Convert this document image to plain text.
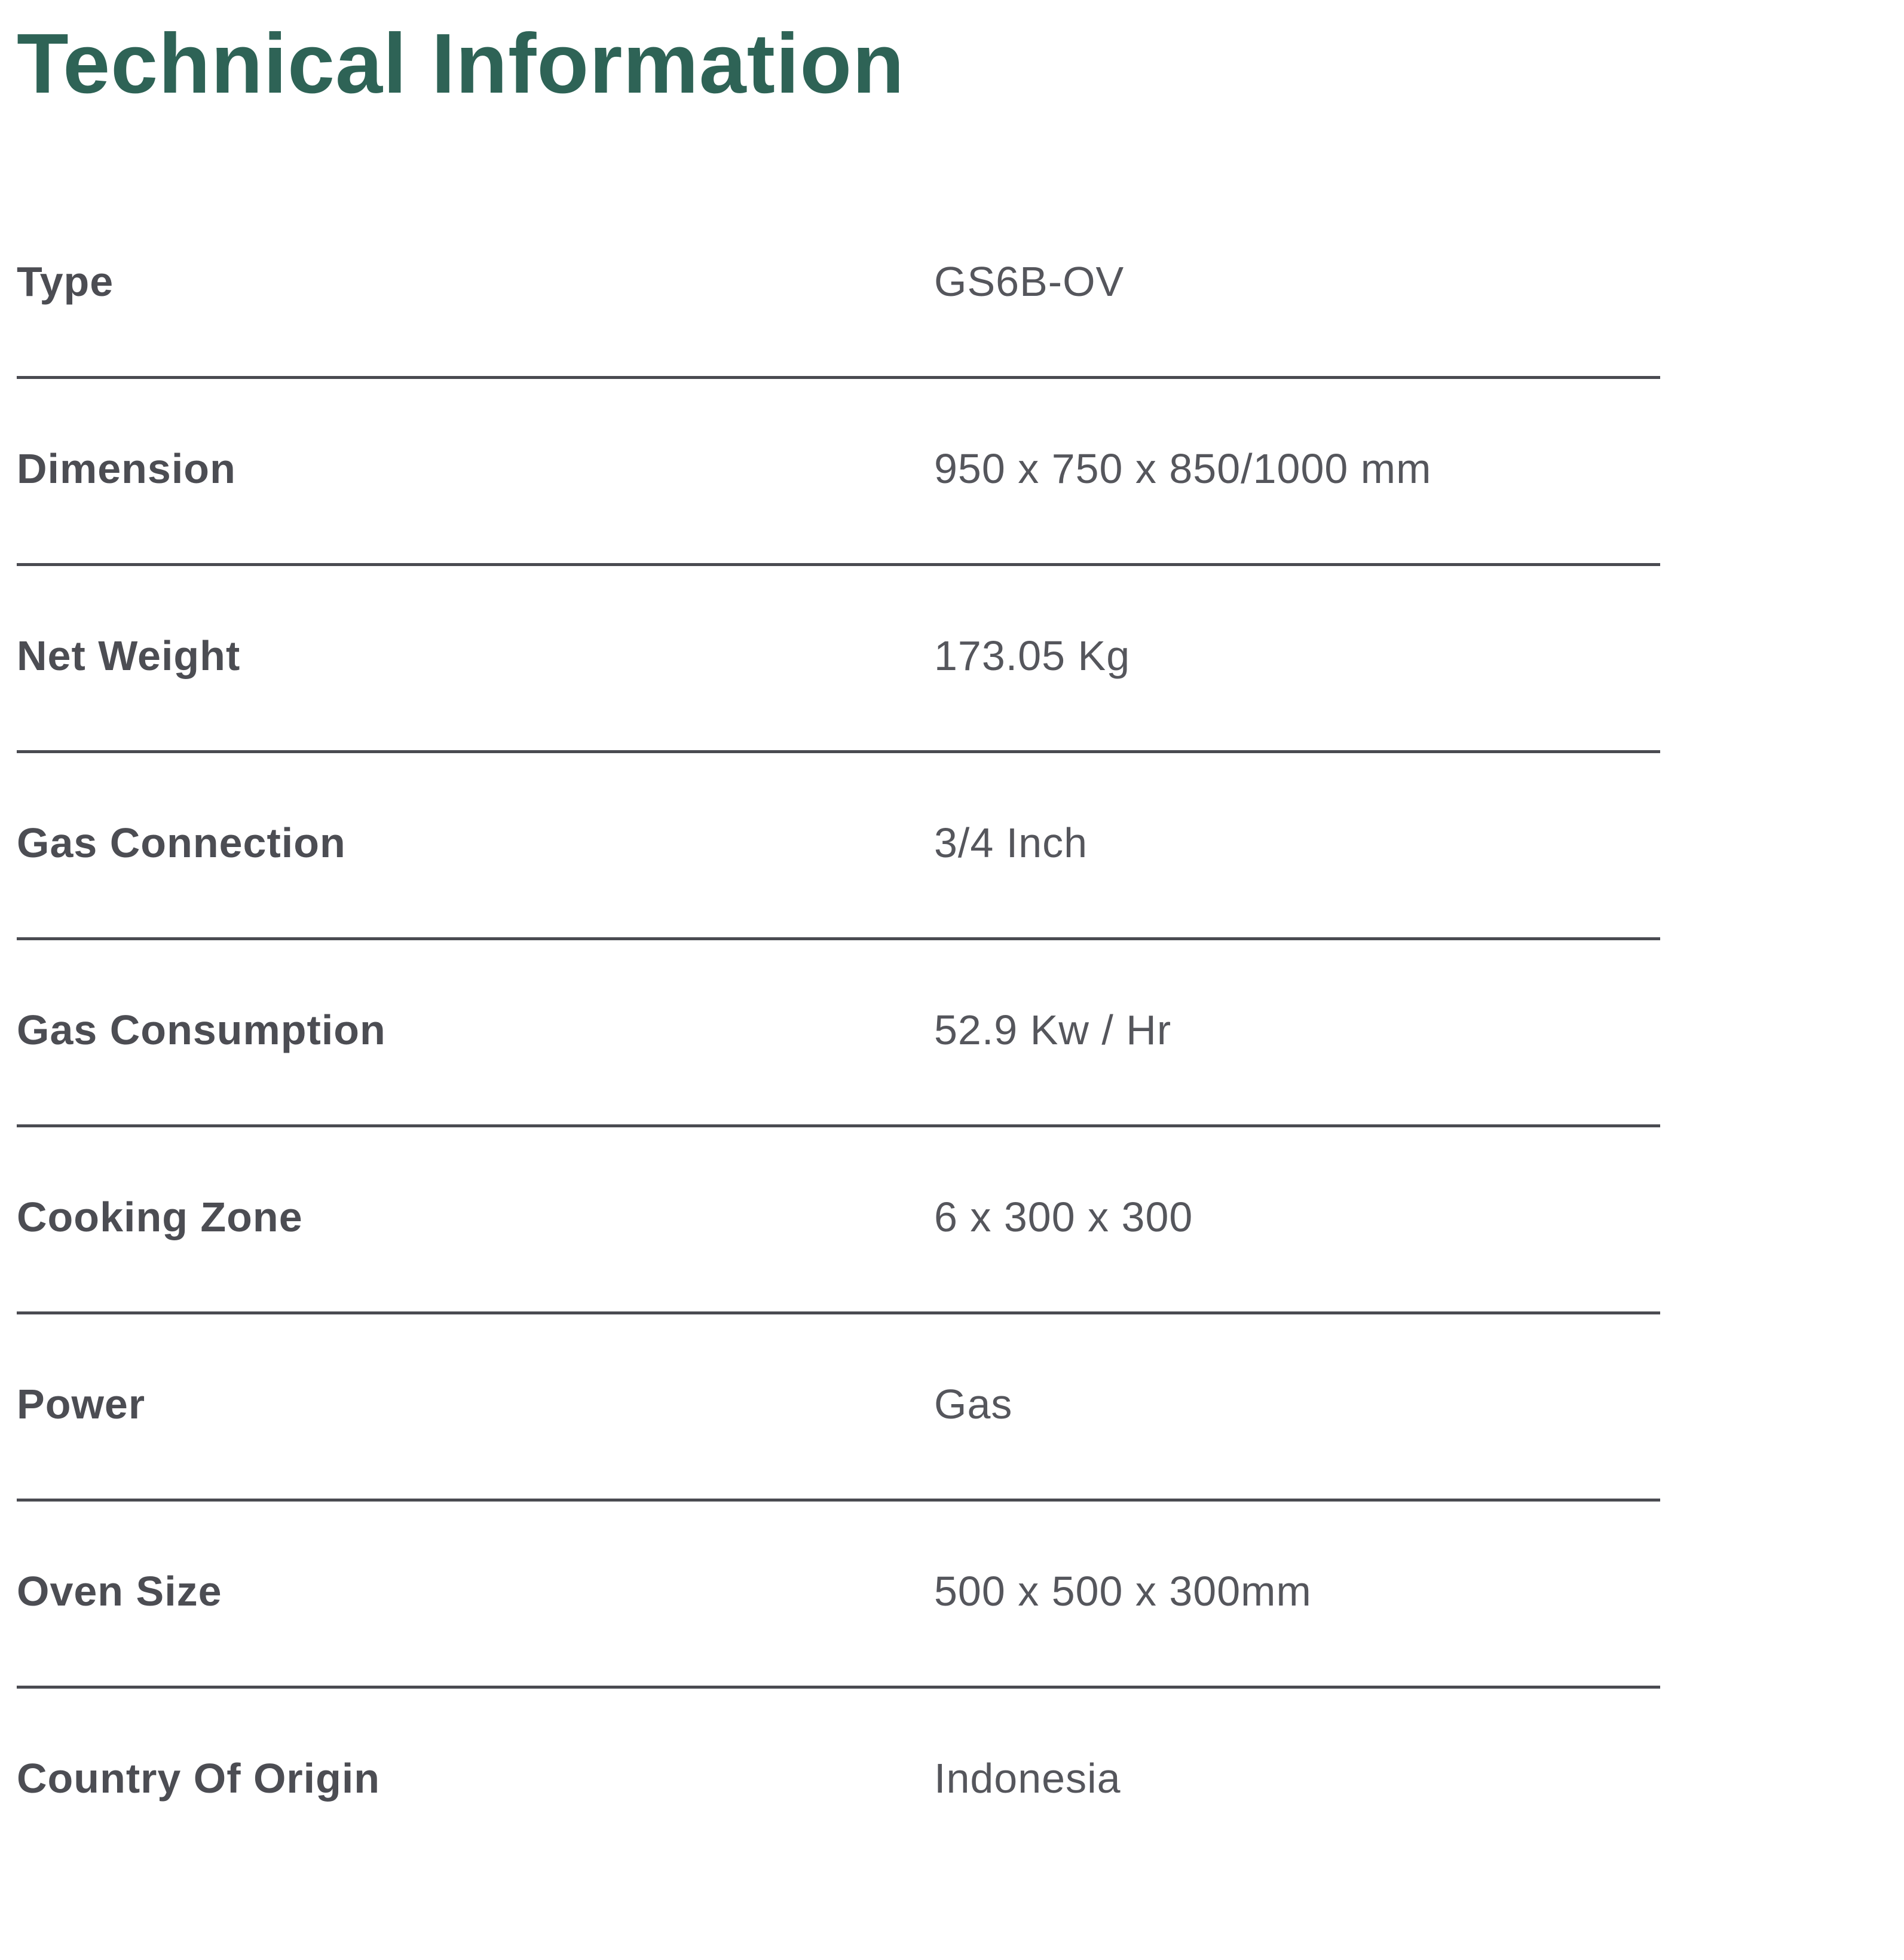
Technical Information
Type	GS6B-OV
Dimension	950 x 750 x 850/1000 mm
Net Weight	173.05 Kg
Gas Connection	3/4 Inch
Gas Consumption	52.9 Kw / Hr
Cooking Zone	6 x 300 x 300
Power	Gas
Oven Size	500 x 500 x 300mm
Country Of Origin	Indonesia
